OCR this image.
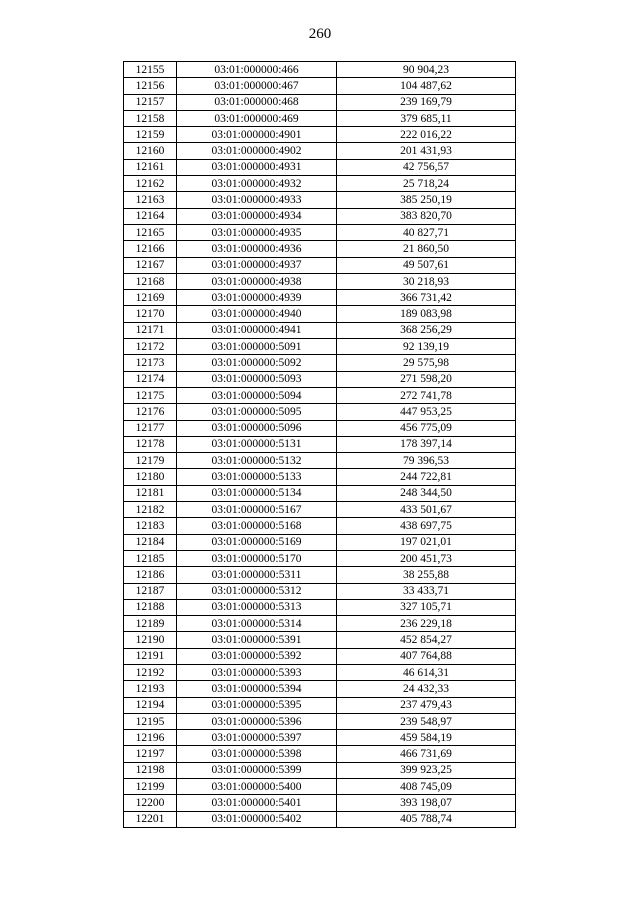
260
12155	03:01:000000:466	90 904,23
12156	03:01:000000:467	104 487,62
12157	03:01:000000:468	239 169,79
12158	03:01:000000:469	379 685,11
12159	03:01:000000:4901	222 016,22
12160	03:01:000000:4902	201 431,93
12161	03:01:000000:4931	42 756,57
12162	03:01:000000:4932	25 718,24
12163	03:01:000000:4933	385 250,19
12164	03:01:000000:4934	383 820,70
12165	03:01:000000:4935	40 827,71
12166	03:01:000000:4936	21 860,50
12167	03:01:000000:4937	49 507,61
12168	03:01:000000:4938	30 218,93
12169	03:01:000000:4939	366 731,42
12170	03:01:000000:4940	189 083,98
12171	03:01:000000:4941	368 256,29
12172	03:01:000000:5091	92 139,19
12173	03:01:000000:5092	29 575,98
12174	03:01:000000:5093	271 598,20
12175	03:01:000000:5094	272 741,78
12176	03:01:000000:5095	447 953,25
12177	03:01:000000:5096	456 775,09
12178	03:01:000000:5131	178 397,14
12179	03:01:000000:5132	79 396,53
12180	03:01:000000:5133	244 722,81
12181	03:01:000000:5134	248 344,50
12182	03:01:000000:5167	433 501,67
12183	03:01:000000:5168	438 697,75
12184	03:01:000000:5169	197 021,01
12185	03:01:000000:5170	200 451,73
12186	03:01:000000:5311	38 255,88
12187	03:01:000000:5312	33 433,71
12188	03:01:000000:5313	327 105,71
12189	03:01:000000:5314	236 229,18
12190	03:01:000000:5391	452 854,27
12191	03:01:000000:5392	407 764,88
12192	03:01:000000:5393	46 614,31
12193	03:01:000000:5394	24 432,33
12194	03:01:000000:5395	237 479,43
12195	03:01:000000:5396	239 548,97
12196	03:01:000000:5397	459 584,19
12197	03:01:000000:5398	466 731,69
12198	03:01:000000:5399	399 923,25
12199	03:01:000000:5400	408 745,09
12200	03:01:000000:5401	393 198,07
12201	03:01:000000:5402	405 788,74
